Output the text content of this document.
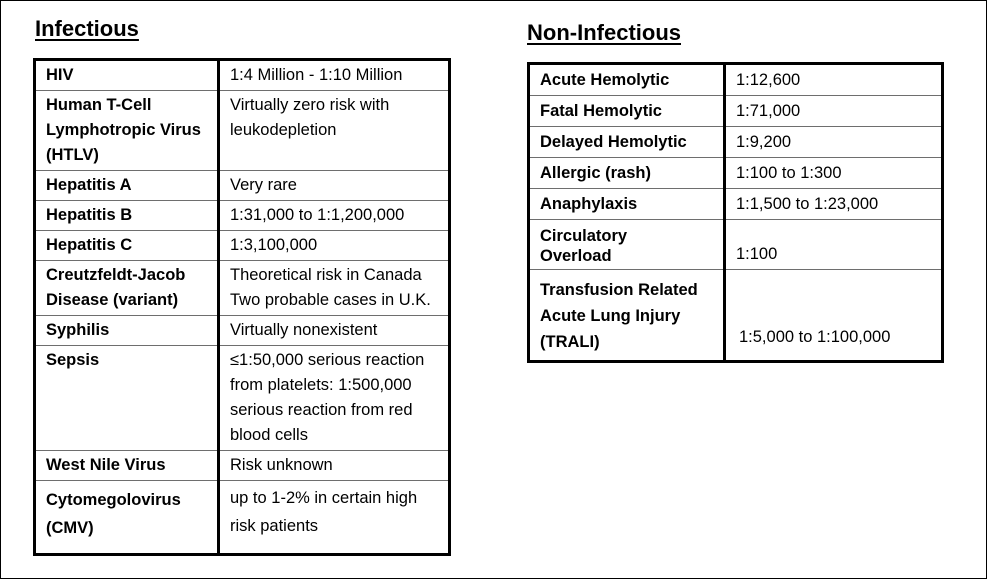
Infectious	Non-Infectious
HIV	1:4 Million - 1:10 Million
Human T-Cell Lymphotropic Virus (HTLV)	Virtually zero risk with leukodepletion
Hepatitis A	Very rare
Hepatitis B	1:31,000 to 1:1,200,000
Hepatitis C	1:3,100,000
Creutzfeldt-Jacob Disease (variant)	Theoretical risk in Canada Two probable cases in U.K.
Syphilis	Virtually nonexistent
Sepsis	≤1:50,000 serious reaction from platelets: 1:500,000 serious reaction from red blood cells
West Nile Virus	Risk unknown
Cytomegolovirus (CMV)	up to 1-2% in certain high risk patients
Acute Hemolytic	1:12,600
Fatal Hemolytic	1:71,000
Delayed Hemolytic	1:9,200
Allergic (rash)	1:100 to 1:300
Anaphylaxis	1:1,500 to 1:23,000
Circulatory Overload	1:100
Transfusion Related Acute Lung Injury (TRALI)	1:5,000 to 1:100,000
